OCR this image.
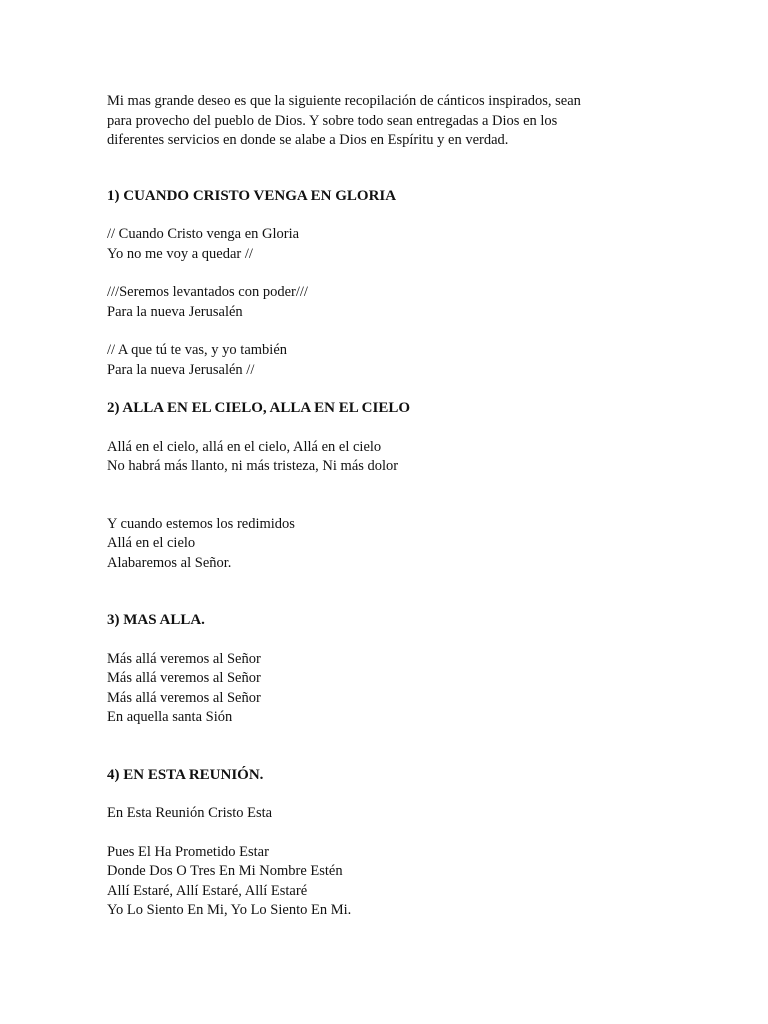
Mi mas grande deseo es que la siguiente recopilación de cánticos inspirados, sean

para provecho del pueblo de Dios. Y sobre todo sean entregadas a Dios en los

diferentes servicios en donde se alabe a Dios en Espíritu y en verdad.

1) CUANDO CRISTO VENGA EN GLORIA
// Cuando Cristo venga en Gloria
Yo no me voy a quedar //
///Seremos levantados con poder///
Para la nueva Jerusalén
// A que tú te vas, y yo también
Para la nueva Jerusalén //
2) ALLA EN EL CIELO, ALLA EN EL CIELO
Allá en el cielo, allá en el cielo, Allá en el cielo
No habrá más llanto, ni más tristeza, Ni más dolor
Y cuando estemos los redimidos
Allá en el cielo
Alabaremos al Señor.
3) MAS ALLA.
Más allá veremos al Señor
Más allá veremos al Señor
Más allá veremos al Señor
En aquella santa Sión
4) EN ESTA REUNIÓN.
En Esta Reunión Cristo Esta
Pues El Ha Prometido Estar
Donde Dos O Tres En Mi Nombre Estén
Allí Estaré, Allí Estaré, Allí Estaré
Yo Lo Siento En Mi, Yo Lo Siento En Mi.
